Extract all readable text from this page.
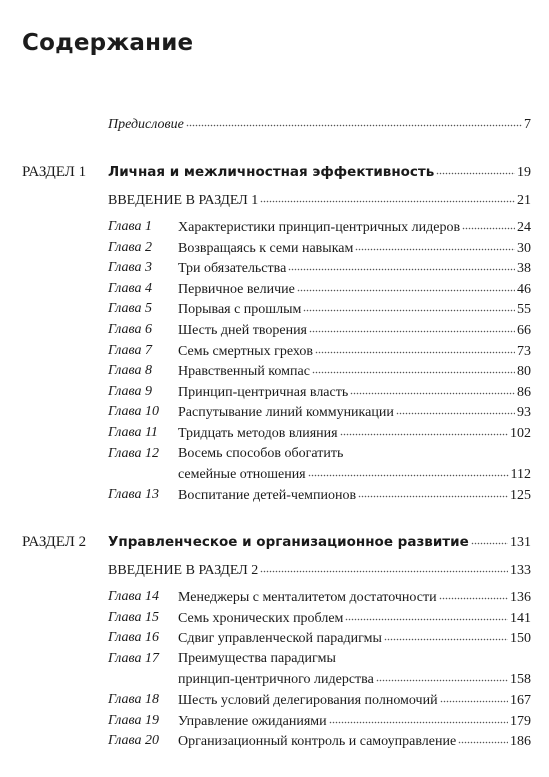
Содержание
Предисловие	7
РАЗДЕЛ 1 Личная и межличностная эффективность	19
ВВЕДЕНИЕ В РАЗДЕЛ 1	21
Глава 1 Характеристики принцип-центричных лидеров	24
Глава 2 Возвращаясь к семи навыкам	30
Глава 3 Три обязательства	38
Глава 4 Первичное величие	46
Глава 5 Порывая с прошлым	55
Глава 6 Шесть дней творения	66
Глава 7 Семь смертных грехов	73
Глава 8 Нравственный компас	80
Глава 9 Принцип-центричная власть	86
Глава 10 Распутывание линий коммуникации	93
Глава 11 Тридцать методов влияния	102
Глава 12 Восемь способов обогатить
семейные отношения	112
Глава 13 Воспитание детей-чемпионов	125
РАЗДЕЛ 2 Управленческое и организационное развитие	131
ВВЕДЕНИЕ В РАЗДЕЛ 2	133
Глава 14 Менеджеры с менталитетом достаточности	136
Глава 15 Семь хронических проблем	141
Глава 16 Сдвиг управленческой парадигмы	150
Глава 17 Преимущества парадигмы
принцип-центричного лидерства	158
Глава 18 Шесть условий делегирования полномочий	167
Глава 19 Управление ожиданиями	179
Глава 20 Организационный контроль и самоуправление	186
